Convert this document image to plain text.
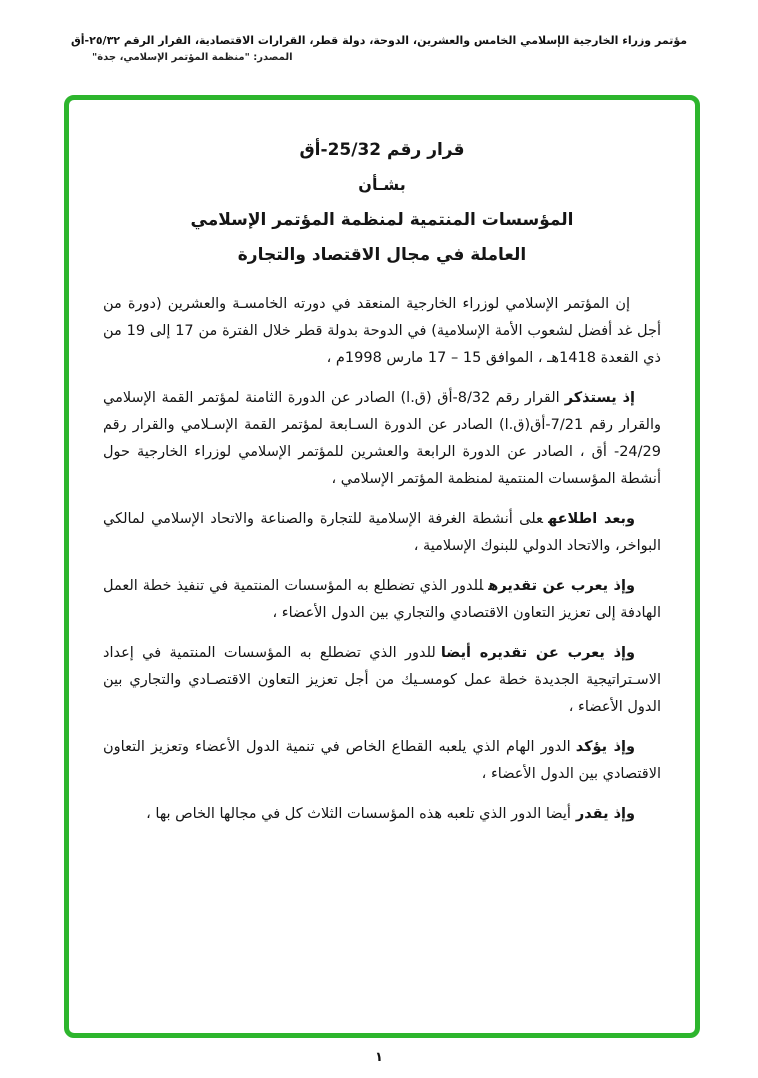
مؤتمر وزراء الخارجية الإسلامي الخامس والعشرين، الدوحة، دولة قطر، القرارات الاقتصادية، القرار الرقم ٢٥/٣٢-أق
المصدر: "منظمة المؤتمر الإسلامي، جدة"
قرار رقم 25/32-أق
بشـأن
المؤسسات المنتمية لمنظمة المؤتمر الإسلامي
العاملة في مجال الاقتصاد والتجارة

إن المؤتمر الإسلامي لوزراء الخارجية المنعقد في دورته الخامسـة والعشرين (دورة من أجل غد أفضل لشعوب الأمة الإسلامية) في الدوحة بدولة قطر خلال الفترة من 17 إلى 19 من ذي القعدة 1418هـ ، الموافق 15 – 17 مارس 1998م ،

إذ يستذكرالقرار رقم 8/32-أق (ق.ا) الصادر عن الدورة الثامنة لمؤتمر القمة الإسلامي والقرار رقم 7/21-أق(ق.ا) الصادر عن الدورة السـابعة لمؤتمر القمة الإسـلامي والقرار رقم 24/29- أق ، الصادر عن الدورة الرابعة والعشرين للمؤتمر الإسلامي لوزراء الخارجية حول أنشطة المؤسسات المنتمية لمنظمة المؤتمر الإسلامي ،

وبعد اطلاعهعلى أنشطة الغرفة الإسلامية للتجارة والصناعة والاتحاد الإسلامي لمالكي البواخر، والاتحاد الدولي للبنوك الإسلامية ،

وإذ يعرب عن تقديرهللدور الذي تضطلع به المؤسسات المنتمية في تنفيذ خطة العمل الهادفة إلى تعزيز التعاون الاقتصادي والتجاري بين الدول الأعضاء ،

وإذ يعرب عن تقديره أيضاللدور الذي تضطلع به المؤسسات المنتمية في إعداد الاسـتراتيجية الجديدة خطة عمل كومسـيك من أجل تعزيز التعاون الاقتصـادي والتجاري بين الدول الأعضاء ،

وإذ يؤكدالدور الهام الذي يلعبه القطاع الخاص في تنمية الدول الأعضاء وتعزيز التعاون الاقتصادي بين الدول الأعضاء ،

وإذ يقدرأيضا الدور الذي تلعبه هذه المؤسسات الثلاث كل في مجالها الخاص بها ،

١
